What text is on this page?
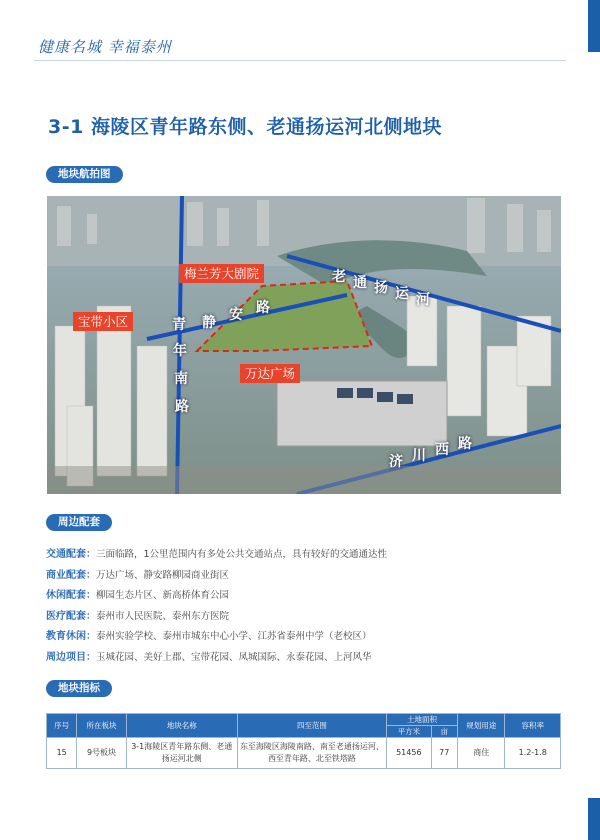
健康名城 幸福泰州
3-1 海陵区青年路东侧、老通扬运河北侧地块
地块航拍图
梅兰芳大剧院
宝带小区
万达广场
青
年
南
路
静 安 路
老 通 扬 运 河
济 川 西 路
周边配套
交通配套：三面临路，1公里范围内有多处公共交通站点，具有较好的交通通达性
商业配套：万达广场、静安路柳园商业街区
休闲配套：柳园生态片区、新高桥体育公园
医疗配套：泰州市人民医院、泰州东方医院
教育休闲：泰州实验学校、泰州市城东中心小学、江苏省泰州中学（老校区）
周边项目：玉城花园、美好上郡、宝带花园、凤城国际、永泰花园、上河风华
地块指标
序号	所在板块	地块名称	四至范围	土地面积		规划用途	容积率
				平方米	亩		
15	9号板块	3-1海陵区青年路东侧、老通扬运河北侧	东至海陵区海陵南路、南至老通扬运河、西至青年路、北至铁塔路	51456	77	商住	1.2-1.8
